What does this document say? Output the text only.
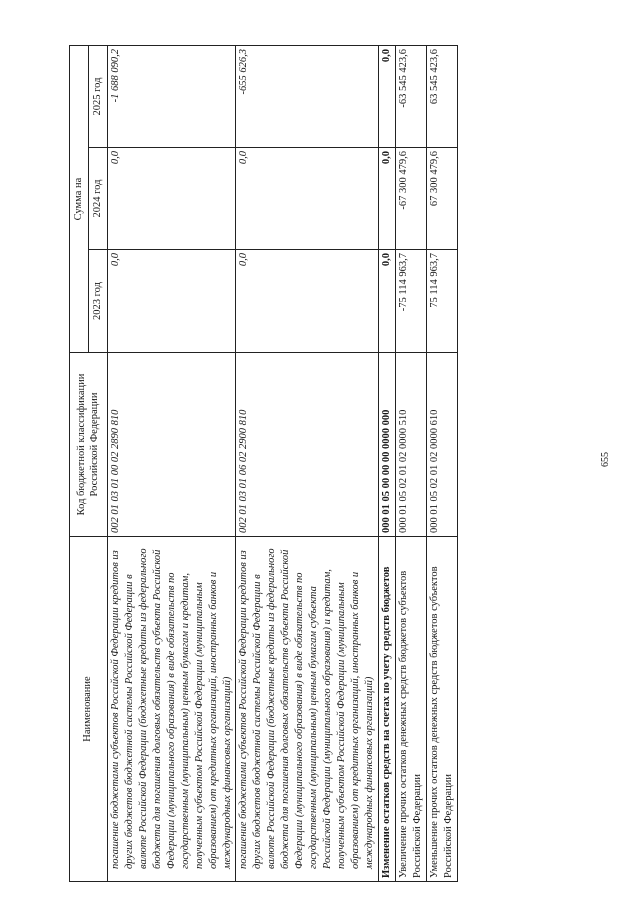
655
Наименование	Код бюджетной классификации Российской Федерации	Сумма на		
		2023 год	2024 год	2025 год
погашение бюджетами субъектов Российской Федерации кредитов из других бюджетов бюджетной системы Российской Федерации в валюте Российской Федерации (бюджетные кредиты из федерального бюджета для погашения долговых обязательств субъекта Российской Федерации (муниципального образования) в виде обязательств по государственным (муниципальным) ценным бумагам и кредитам, полученным субъектом Российской Федерации (муниципальным образованием) от кредитных организаций, иностранных банков и международных финансовых организаций)	002 01 03 01 00 02 2890 810	0,0	0,0	-1 688 090,2
погашение бюджетами субъектов Российской Федерации кредитов из других бюджетов бюджетной системы Российской Федерации в валюте Российской Федерации (бюджетные кредиты из федерального бюджета для погашения долговых обязательств субъекта Российской Федерации (муниципального образования) в виде обязательств по государственным (муниципальным) ценным бумагам субъекта Российской Федерации (муниципального образования) и кредитам, полученным субъектом Российской Федерации (муниципальным образованием) от кредитных организаций, иностранных банков и международных финансовых организаций)	002 01 03 01 06 02 2900 810	0,0	0,0	-655 626,3
Изменение остатков средств на счетах по учету средств бюджетов	000 01 05 00 00 00 0000 000	0,0	0,0	0,0
Увеличение прочих остатков денежных средств бюджетов субъектов Российской Федерации	000 01 05 02 01 02 0000 510	-75 114 963,7	-67 300 479,6	-63 545 423,6
Уменьшение прочих остатков денежных средств бюджетов субъектов Российской Федерации	000 01 05 02 01 02 0000 610	75 114 963,7	67 300 479,6	63 545 423,6
